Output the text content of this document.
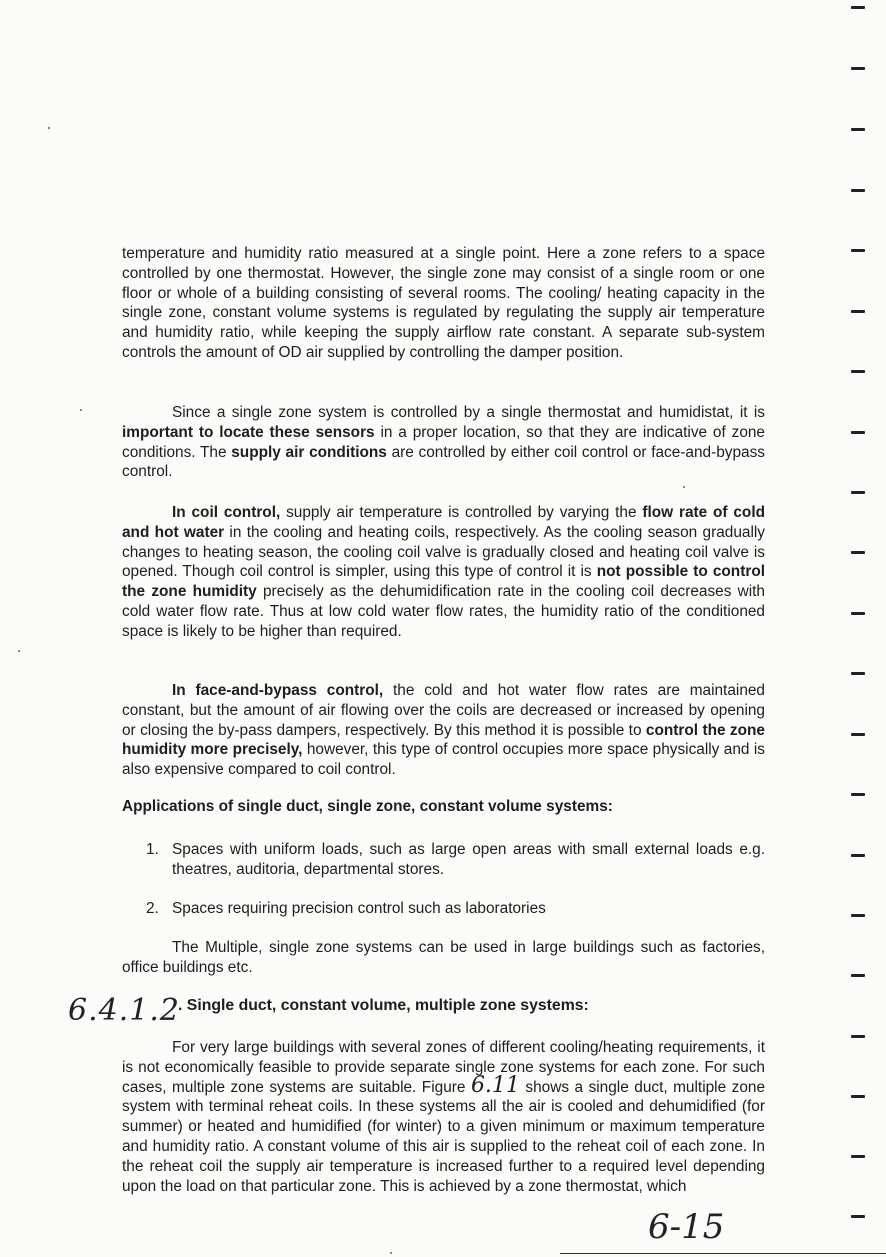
temperature and humidity ratio measured at a single point. Here a zone refers to a space controlled by one thermostat. However, the single zone may consist of a single room or one floor or whole of a building consisting of several rooms. The cooling/ heating capacity in the single zone, constant volume systems is regulated by regulating the supply air temperature and humidity ratio, while keeping the supply airflow rate constant. A separate sub-system controls the amount of OD air supplied by controlling the damper position.

Since a single zone system is controlled by a single thermostat and humidistat, it is important to locate these sensors in a proper location, so that they are indicative of zone conditions. The supply air conditions are controlled by either coil control or face-and-bypass control.

In coil control, supply air temperature is controlled by varying the flow rate of cold and hot water in the cooling and heating coils, respectively. As the cooling season gradually changes to heating season, the cooling coil valve is gradually closed and heating coil valve is opened. Though coil control is simpler, using this type of control it is not possible to control the zone humidity precisely as the dehumidification rate in the cooling coil decreases with cold water flow rate. Thus at low cold water flow rates, the humidity ratio of the conditioned space is likely to be higher than required.

In face-and-bypass control, the cold and hot water flow rates are maintained constant, but the amount of air flowing over the coils are decreased or increased by opening or closing the by-pass dampers, respectively. By this method it is possible to control the zone humidity more precisely, however, this type of control occupies more space physically and is also expensive compared to coil control.

Applications of single duct, single zone, constant volume systems:

1. Spaces with uniform loads, such as large open areas with small external loads e.g. theatres, auditoria, departmental stores.
2. Spaces requiring precision control such as laboratories

The Multiple, single zone systems can be used in large buildings such as factories, office buildings etc.

6.4.1.2
. Single duct, constant volume, multiple zone systems:

For very large buildings with several zones of different cooling/heating requirements, it is not economically feasible to provide separate single zone systems for each zone. For such cases, multiple zone systems are suitable. Figure 6.11 shows a single duct, multiple zone system with terminal reheat coils. In these systems all the air is cooled and dehumidified (for summer) or heated and humidified (for winter) to a given minimum or maximum temperature and humidity ratio. A constant volume of this air is supplied to the reheat coil of each zone. In the reheat coil the supply air temperature is increased further to a required level depending upon the load on that particular zone. This is achieved by a zone thermostat, which

6-15
